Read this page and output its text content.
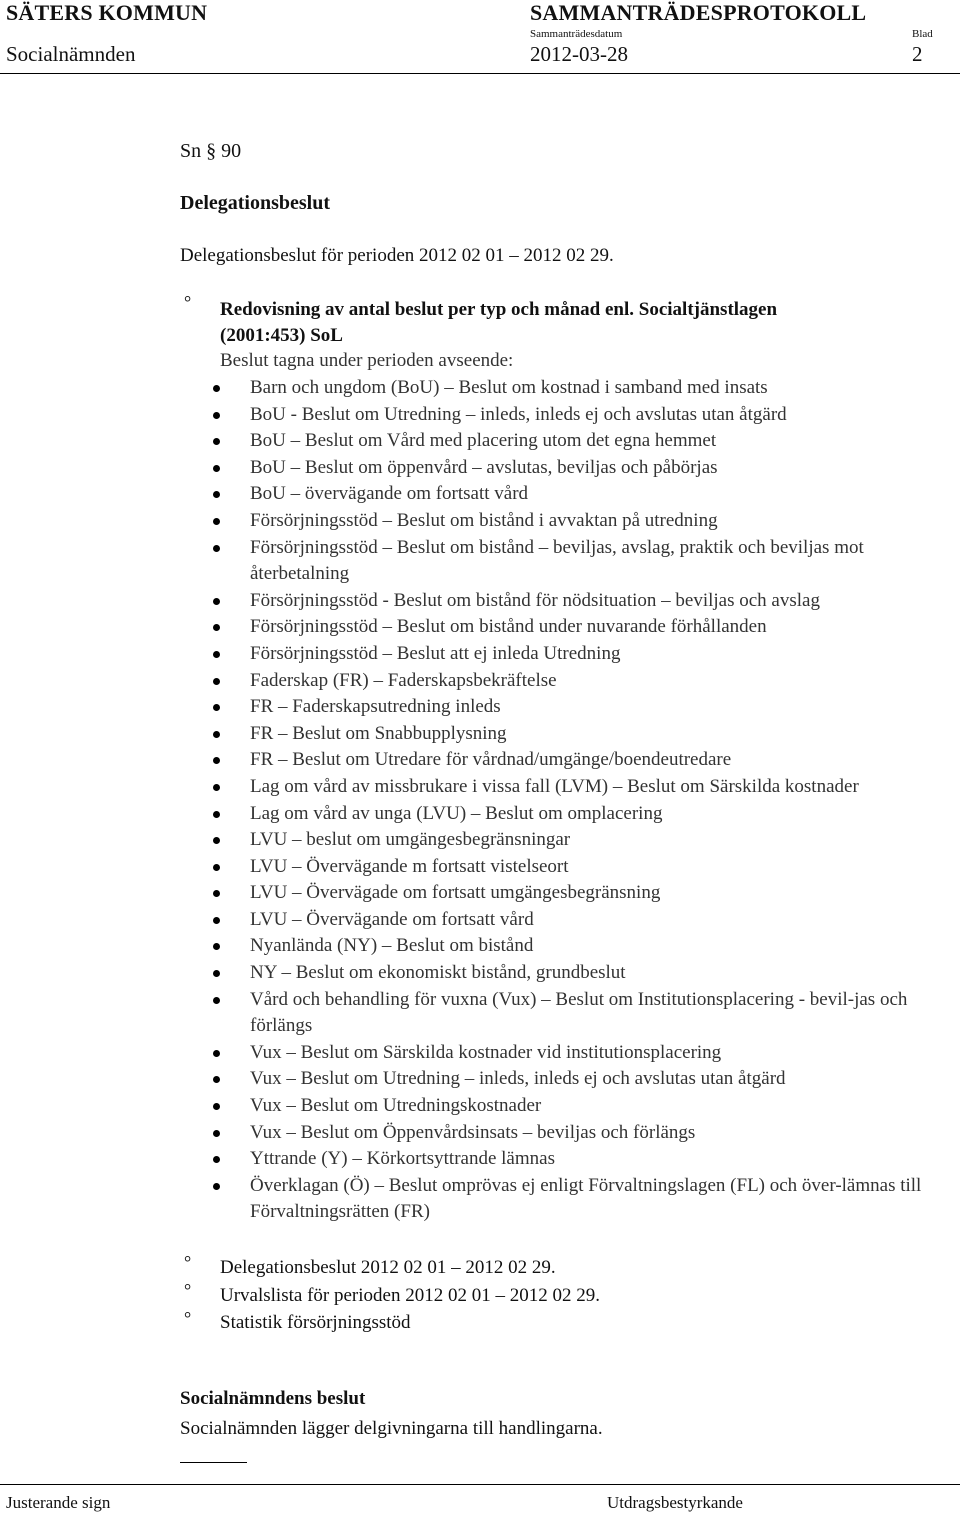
SÄTERS KOMMUN	SAMMANTRÄDESPROTOKOLL
Sammanträdesdatum	Blad
Socialnämnden	2012-03-28	2
Sn § 90
Delegationsbeslut
Delegationsbeslut för perioden 2012 02 01 – 2012 02 29.
° Redovisning av antal beslut per typ och månad enl. Socialtjänstlagen
(2001:453) SoL
Beslut tagna under perioden avseende:
Barn och ungdom (BoU) – Beslut om kostnad i samband med insats
BoU - Beslut om Utredning – inleds, inleds ej och avslutas utan åtgärd
BoU – Beslut om Vård med placering utom det egna hemmet
BoU – Beslut om öppenvård – avslutas, beviljas och påbörjas
BoU – övervägande om fortsatt vård
Försörjningsstöd – Beslut om bistånd i avvaktan på utredning
Försörjningsstöd – Beslut om bistånd – beviljas, avslag, praktik och beviljas mot återbetalning
Försörjningsstöd - Beslut om bistånd för nödsituation – beviljas och avslag
Försörjningsstöd – Beslut om bistånd under nuvarande förhållanden
Försörjningsstöd – Beslut att ej inleda Utredning
Faderskap (FR) – Faderskapsbekräftelse
FR – Faderskapsutredning inleds
FR – Beslut om Snabbupplysning
FR – Beslut om Utredare för vårdnad/umgänge/boendeutredare
Lag om vård av missbrukare i vissa fall (LVM) – Beslut om Särskilda kostnader
Lag om vård av unga (LVU) – Beslut om omplacering
LVU – beslut om umgängesbegränsningar
LVU – Övervägande m fortsatt vistelseort
LVU – Övervägade om fortsatt umgängesbegränsning
LVU – Övervägande om fortsatt vård
Nyanlända (NY) – Beslut om bistånd
NY – Beslut om ekonomiskt bistånd, grundbeslut
Vård och behandling för vuxna (Vux) – Beslut om Institutionsplacering - bevil-jas och förlängs
Vux – Beslut om Särskilda kostnader vid institutionsplacering
Vux – Beslut om Utredning – inleds, inleds ej och avslutas utan åtgärd
Vux – Beslut om Utredningskostnader
Vux – Beslut om Öppenvårdsinsats – beviljas och förlängs
Yttrande (Y) – Körkortsyttrande lämnas
Överklagan (Ö) – Beslut omprövas ej enligt Förvaltningslagen (FL) och över-lämnas till Förvaltningsrätten (FR)
° Delegationsbeslut 2012 02 01 – 2012 02 29.
° Urvalslista för perioden 2012 02 01 – 2012 02 29.
° Statistik försörjningsstöd
Socialnämndens beslut
Socialnämnden lägger delgivningarna till handlingarna.
Justerande sign	Utdragsbestyrkande
